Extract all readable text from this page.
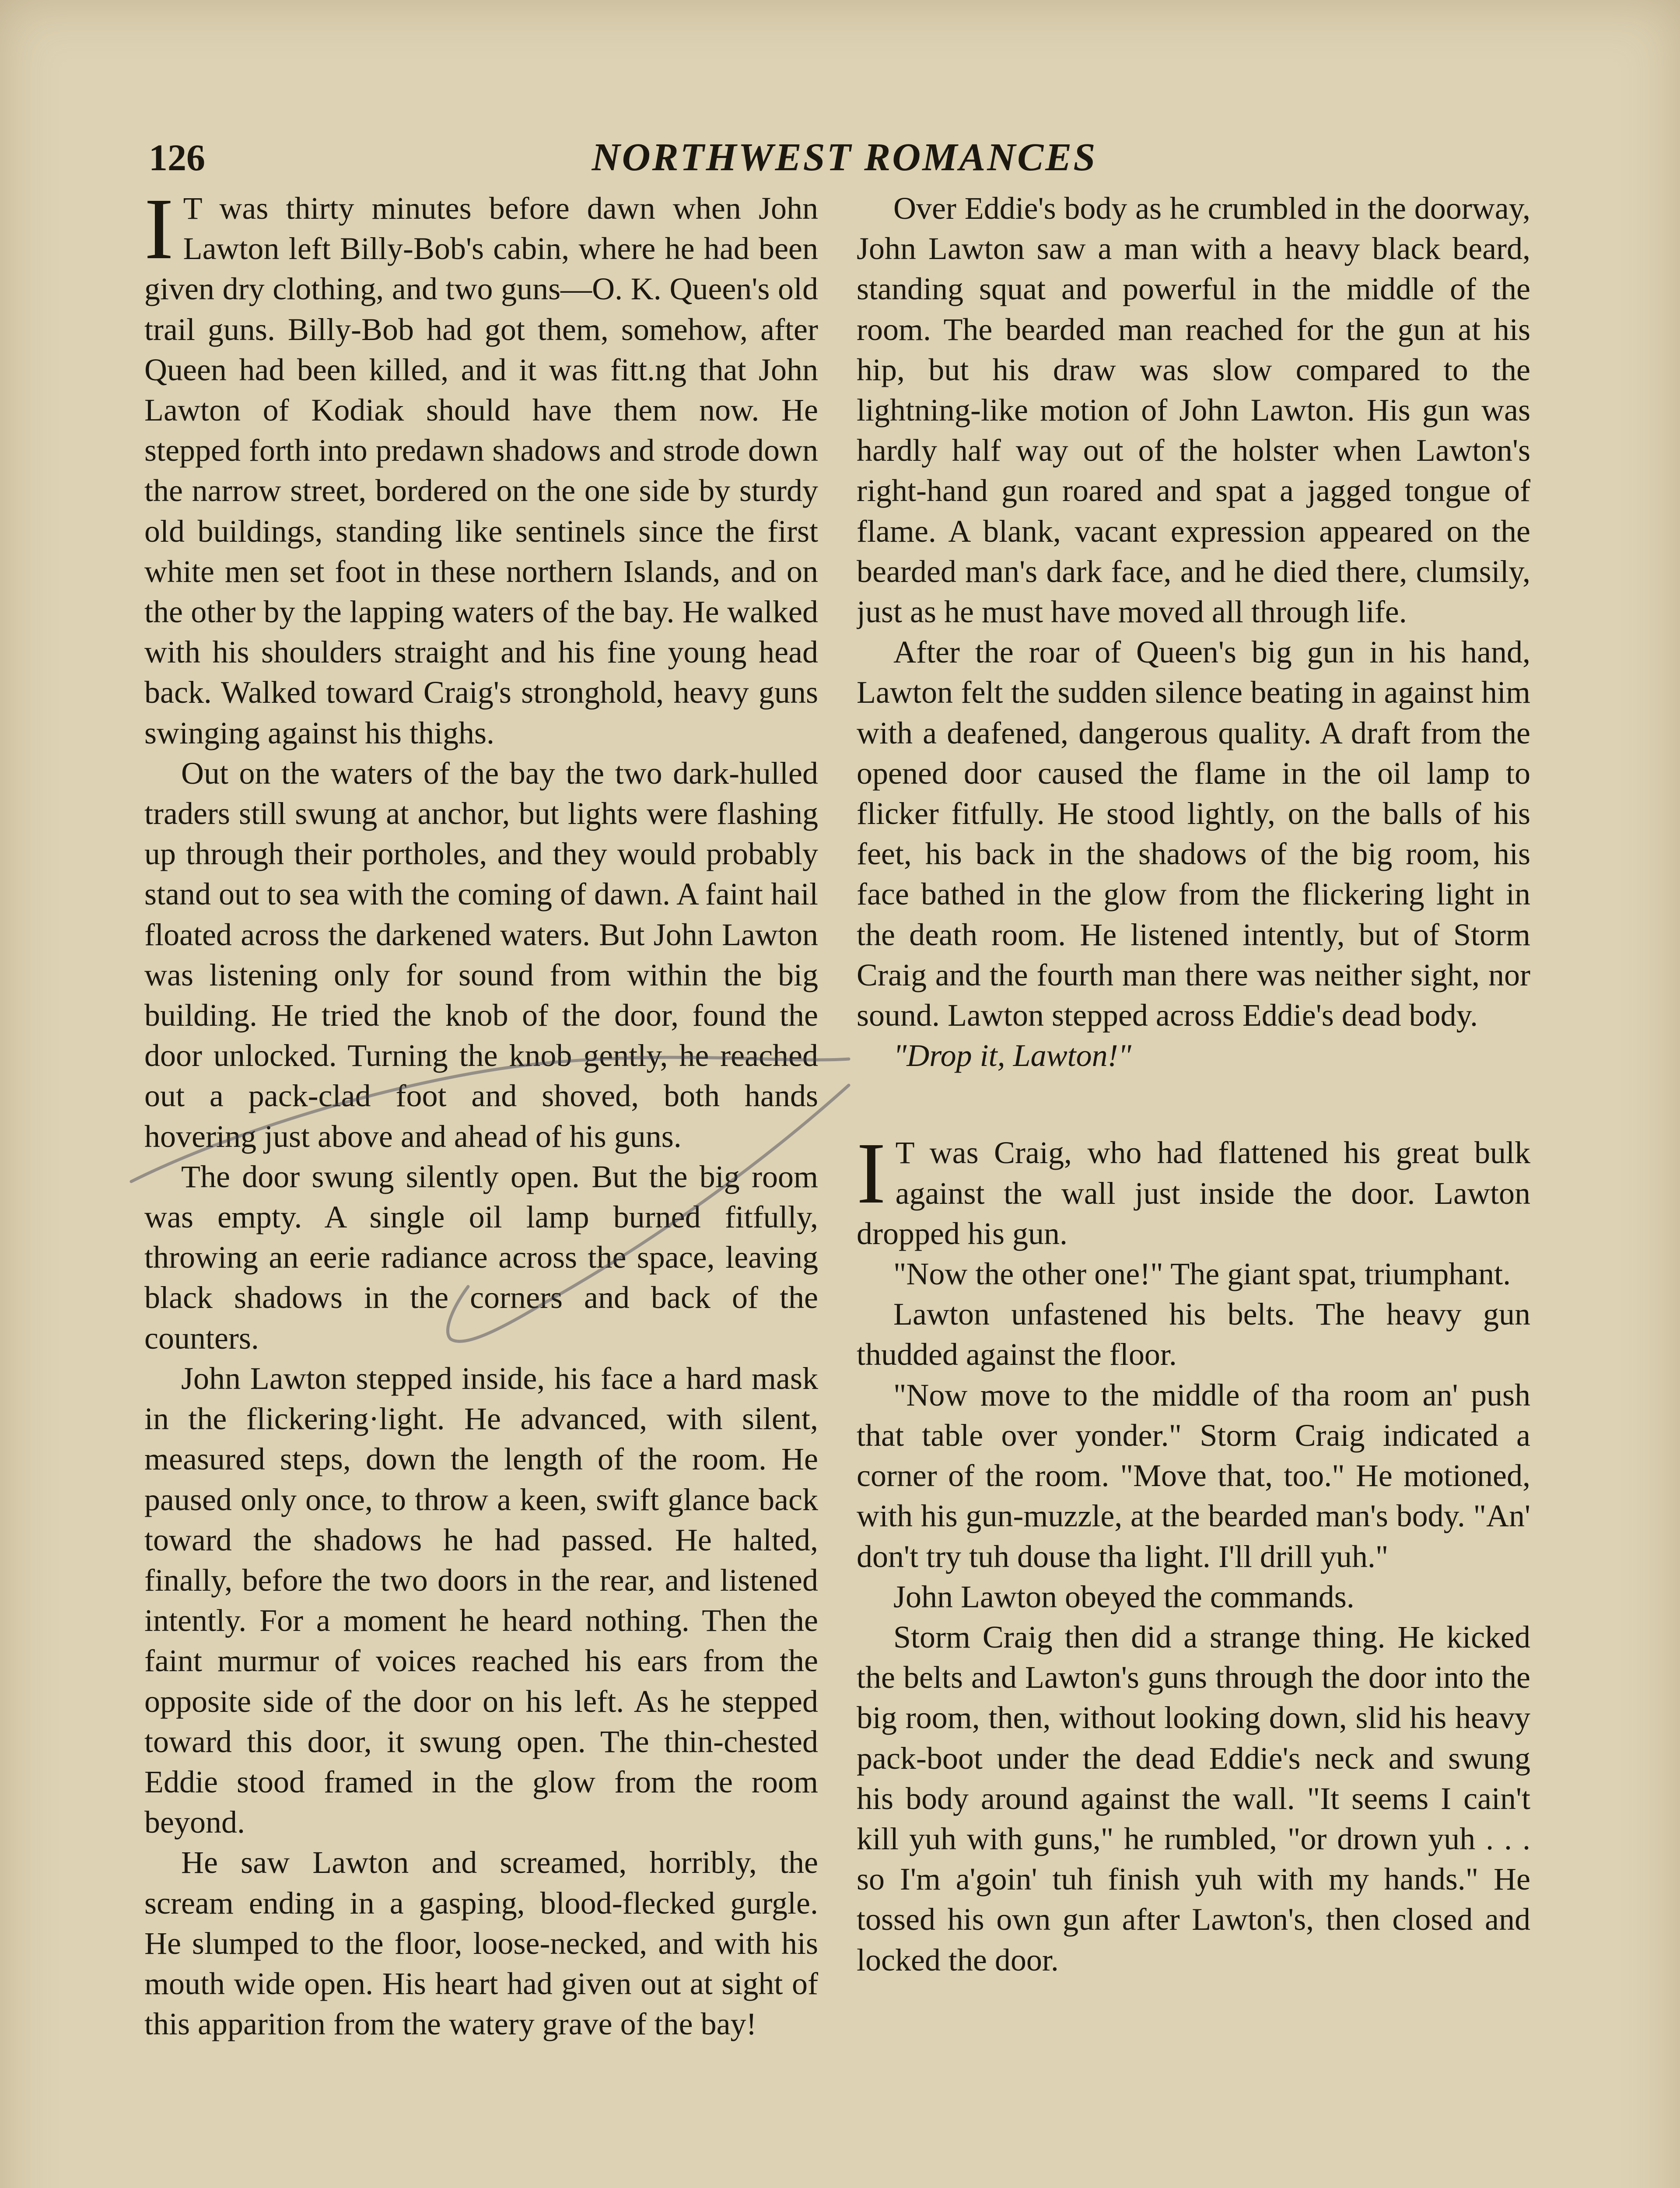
126	NORTHWEST ROMANCES

I T was thirty minutes before dawn when John Lawton left Billy-Bob's cabin, where he had been given dry clothing, and two guns—O. K. Queen's old trail guns. Billy-Bob had got them, somehow, after Queen had been killed, and it was fitt.ng that John Lawton of Kodiak should have them now. He stepped forth into predawn shadows and strode down the narrow street, bordered on the one side by sturdy old buildings, standing like sentinels since the first white men set foot in these northern Islands, and on the other by the lapping waters of the bay. He walked with his shoulders straight and his fine young head back. Walked toward Craig's stronghold, heavy guns swinging against his thighs.

Out on the waters of the bay the two dark-hulled traders still swung at anchor, but lights were flashing up through their portholes, and they would probably stand out to sea with the coming of dawn. A faint hail floated across the darkened waters. But John Lawton was listening only for sound from within the big building. He tried the knob of the door, found the door unlocked. Turning the knob gently, he reached out a pack-clad foot and shoved, both hands hovering just above and ahead of his guns.

The door swung silently open. But the big room was empty. A single oil lamp burned fitfully, throwing an eerie radiance across the space, leaving black shadows in the corners and back of the counters.

John Lawton stepped inside, his face a hard mask in the flickering·light. He advanced, with silent, measured steps, down the length of the room. He paused only once, to throw a keen, swift glance back toward the shadows he had passed. He halted, finally, before the two doors in the rear, and listened intently. For a moment he heard nothing. Then the faint murmur of voices reached his ears from the opposite side of the door on his left. As he stepped toward this door, it swung open. The thin-chested Eddie stood framed in the glow from the room beyond.

He saw Lawton and screamed, horribly, the scream ending in a gasping, blood-flecked gurgle. He slumped to the floor, loose-necked, and with his mouth wide open. His heart had given out at sight of this apparition from the watery grave of the bay!

Over Eddie's body as he crumbled in the doorway, John Lawton saw a man with a heavy black beard, standing squat and powerful in the middle of the room. The bearded man reached for the gun at his hip, but his draw was slow compared to the lightning-like motion of John Lawton. His gun was hardly half way out of the holster when Lawton's right-hand gun roared and spat a jagged tongue of flame. A blank, vacant expression appeared on the bearded man's dark face, and he died there, clumsily, just as he must have moved all through life.

After the roar of Queen's big gun in his hand, Lawton felt the sudden silence beating in against him with a deafened, dangerous quality. A draft from the opened door caused the flame in the oil lamp to flicker fitfully. He stood lightly, on the balls of his feet, his back in the shadows of the big room, his face bathed in the glow from the flickering light in the death room. He listened intently, but of Storm Craig and the fourth man there was neither sight, nor sound. Lawton stepped across Eddie's dead body.

"Drop it, Lawton!"

I T was Craig, who had flattened his great bulk against the wall just inside the door. Lawton dropped his gun.

"Now the other one!" The giant spat, triumphant.

Lawton unfastened his belts. The heavy gun thudded against the floor.

"Now move to the middle of tha room an' push that table over yonder." Storm Craig indicated a corner of the room. "Move that, too." He motioned, with his gun-muzzle, at the bearded man's body. "An' don't try tuh douse tha light. I'll drill yuh."

John Lawton obeyed the commands.

Storm Craig then did a strange thing. He kicked the belts and Lawton's guns through the door into the big room, then, without looking down, slid his heavy pack-boot under the dead Eddie's neck and swung his body around against the wall. "It seems I cain't kill yuh with guns," he rumbled, "or drown yuh . . . so I'm a'goin' tuh finish yuh with my hands." He tossed his own gun after Lawton's, then closed and locked the door.
